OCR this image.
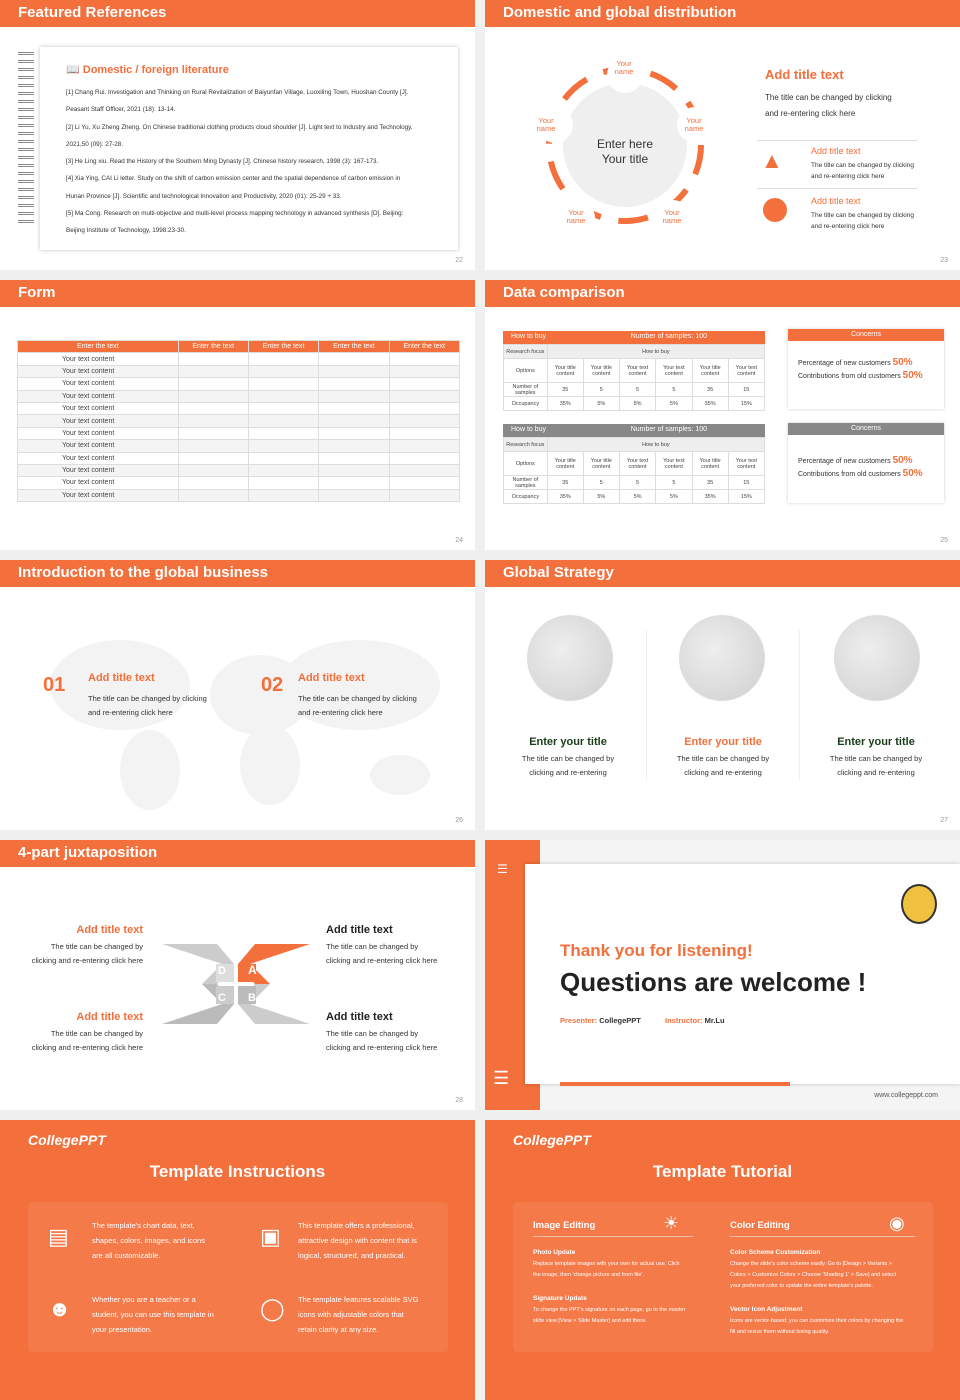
Featured References
📖 Domestic / foreign literature
[1] Chang Rui. Investigation and Thinking on Rural Revitalization of Baiyunfan Village, Luoxiling Town, Huoshan County [J].
Peasant Staff Officer, 2021 (18): 13-14.
[2] Li Yu, Xu Zheng Zheng. On Chinese traditional clothing products cloud shoulder [J]. Light text to Industry and Technology,
2021,50 (09): 27-28.
[3] He Ling xiu. Read the History of the Southern Ming Dynasty [J]. Chinese history research, 1998 (3): 167-173.
[4] Xia Ying, CAI Li letter. Study on the shift of carbon emission center and the spatial dependence of carbon emission in
Hunan Province [J]. Scientific and technological Innovation and Productivity, 2020 (01): 25-29 + 33.
[5] Ma Cong. Research on multi-objective and multi-level process mapping technology in advanced synthesis [D]. Beijing:
Beijing Institute of Technology, 1998:23-30.
22
Domestic and global distribution
Enter here
Your title
Your name
Your name
Your name
Your name
Your name
Add title text
The title can be changed by clicking
and re-entering click here
▲	Add title text
The title can be changed by clicking
and re-entering click here
Add title text
The title can be changed by clicking
and re-entering click here
23
Form
Enter the text	Enter the text	Enter the text	Enter the text	Enter the text
Your text content				
Your text content				
Your text content				
Your text content				
Your text content				
Your text content				
Your text content				
Your text content				
Your text content				
Your text content				
Your text content				
Your text content				
24
Data comparison
How to buy	Number of samples: 100
Research focus	How to buy					
Options	Your title content	Your title content	Your text content	Your text content	Your title content	Your text content
Number of samples	35	5	5	5	35	15
Occupancy	35%	5%	5%	5%	35%	15%
How to buy	Number of samples: 100
Research focus	How to buy					
Options	Your title content	Your title content	Your text content	Your text content	Your title content	Your text content
Number of samples	35	5	5	5	35	15
Occupancy	35%	5%	5%	5%	35%	15%
Concerns
Percentage of new customers 50%
Contributions from old customers 50%
Concerns
Percentage of new customers 50%
Contributions from old customers 50%
25
Introduction to the global business
01 Add title text
The title can be changed by clicking
and re-entering click here
02 Add title text
The title can be changed by clicking
and re-entering click here
26
Global Strategy
Enter your title
The title can be changed by
clicking and re-entering
Enter your title
The title can be changed by
clicking and re-entering
Enter your title
The title can be changed by
clicking and re-entering
27
4-part juxtaposition
Add title text
The title can be changed by
clicking and re-entering click here
Add title text
The title can be changed by
clicking and re-entering click here
Add title text
The title can be changed by
clicking and re-entering click here
Add title text
The title can be changed by
clicking and re-entering click here
D A
C B
28
☰
☰
Thank you for listening!
Questions are welcome !
Presenter: CollegePPT	Instructor: Mr.Lu
www.collegeppt.com
CollegePPT
Template Instructions
▤	The template's chart data, text,
shapes, colors, images, and icons
are all customizable.
▣ This template offers a professional,
attractive design with content that is
logical, structured, and practical.
☻	Whether you are a teacher or a
student, you can use this template in
your presentation.
◯ The template features scalable SVG
icons with adjustable colors that
retain clarity at any size.
CollegePPT
Template Tutorial
Image Editing	☀
Photo Update
Replace template images with your own for actual use. Click
the image, then 'change picture and from file'.
Signature Update
To change the PPT's signature on each page, go to the master
slide view [View > Slide Master] and edit there.
Color Editing	◉
Color Scheme Customization
Change the slide's color scheme easily. Go to [Design > Variants >
Colors > Customize Colors > Choose 'Shading 1' > Save] and select
your preferred color to update the entire template's palette.
Vector Icon Adjustment
Icons are vector-based; you can customize their colors by changing the
fill and resize them without losing quality.
